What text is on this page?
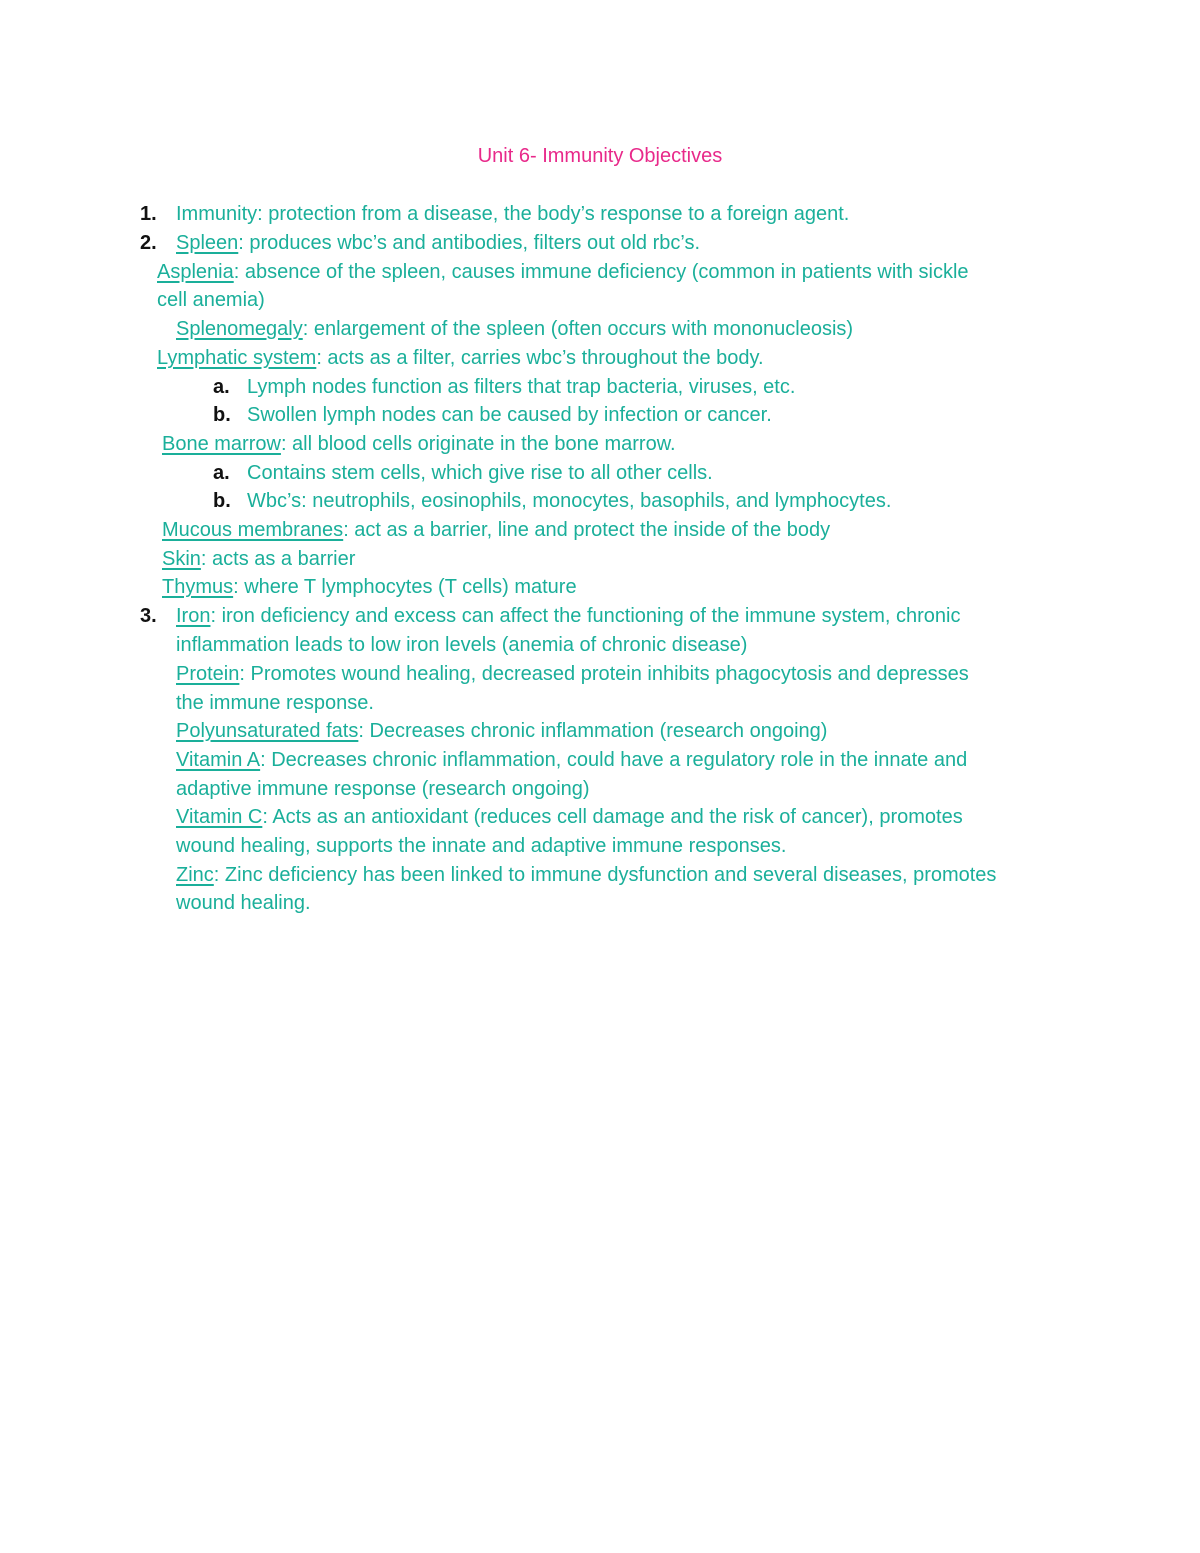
Unit 6- Immunity Objectives
1. Immunity: protection from a disease, the body’s response to a foreign agent.
2. Spleen: produces wbc’s and antibodies, filters out old rbc’s.
Asplenia: absence of the spleen, causes immune deficiency (common in patients with sickle
cell anemia)
Splenomegaly: enlargement of the spleen (often occurs with mononucleosis)
Lymphatic system: acts as a filter, carries wbc’s throughout the body.
a. Lymph nodes function as filters that trap bacteria, viruses, etc.
b. Swollen lymph nodes can be caused by infection or cancer.
Bone marrow: all blood cells originate in the bone marrow.
a. Contains stem cells, which give rise to all other cells.
b. Wbc’s: neutrophils, eosinophils, monocytes, basophils, and lymphocytes.
Mucous membranes: act as a barrier, line and protect the inside of the body
Skin: acts as a barrier
Thymus: where T lymphocytes (T cells) mature
3. Iron: iron deficiency and excess can affect the functioning of the immune system, chronic
inflammation leads to low iron levels (anemia of chronic disease)
Protein: Promotes wound healing, decreased protein inhibits phagocytosis and depresses
the immune response.
Polyunsaturated fats: Decreases chronic inflammation (research ongoing)
Vitamin A: Decreases chronic inflammation, could have a regulatory role in the innate and
adaptive immune response (research ongoing)
Vitamin C: Acts as an antioxidant (reduces cell damage and the risk of cancer), promotes
wound healing, supports the innate and adaptive immune responses.
Zinc: Zinc deficiency has been linked to immune dysfunction and several diseases, promotes
wound healing.
